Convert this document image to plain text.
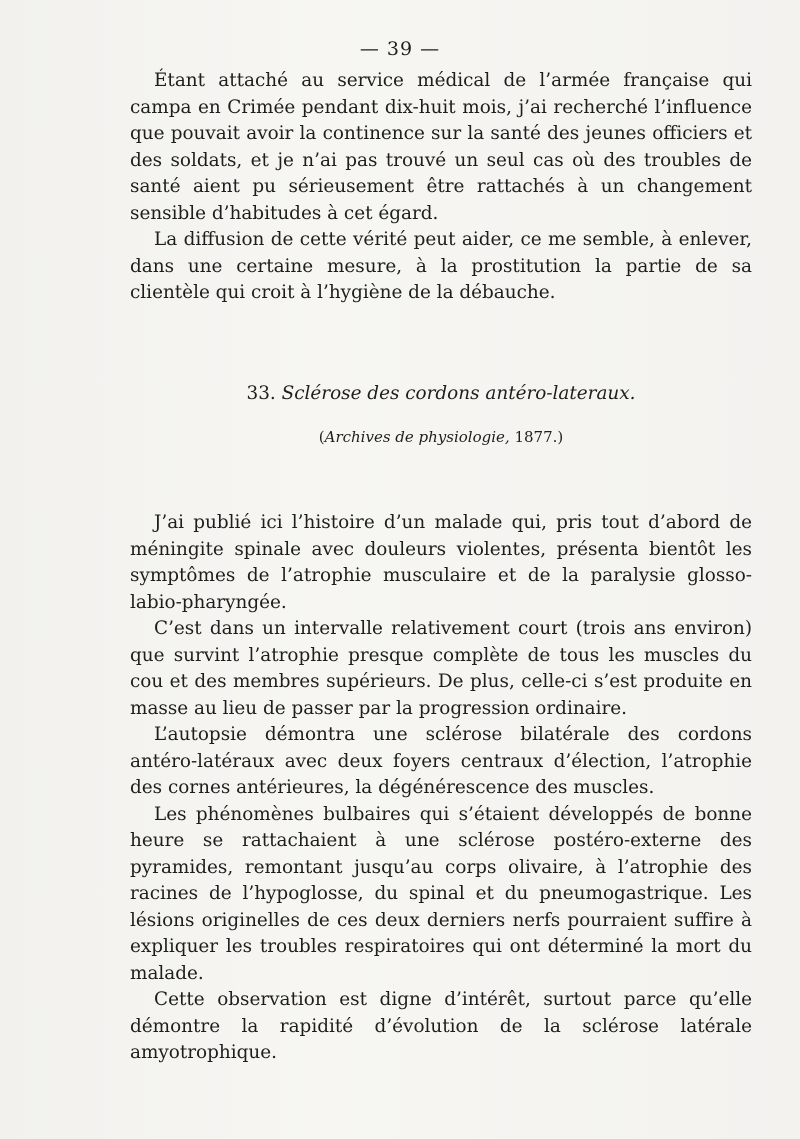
— 39 —

Étant attaché au service médical de l’armée française qui campa en Crimée pendant dix-huit mois, j’ai recherché l’influence que pouvait avoir la continence sur la santé des jeunes officiers et des soldats, et je n’ai pas trouvé un seul cas où des troubles de santé aient pu sérieusement être rattachés à un changement sensible d’habitudes à cet égard.

La diffusion de cette vérité peut aider, ce me semble, à enlever, dans une certaine mesure, à la prostitution la partie de sa clientèle qui croit à l’hygiène de la débauche.

33. Sclérose des cordons antéro-lateraux.
(Archives de physiologie, 1877.)

J’ai publié ici l’histoire d’un malade qui, pris tout d’abord de méningite spinale avec douleurs violentes, présenta bientôt les symptômes de l’atrophie musculaire et de la paralysie glosso-labio-pharyngée.

C’est dans un intervalle relativement court (trois ans environ) que survint l’atrophie presque complète de tous les muscles du cou et des membres supérieurs. De plus, celle-ci s’est produite en masse au lieu de passer par la progression ordinaire.

L’autopsie démontra une sclérose bilatérale des cordons antéro-latéraux avec deux foyers centraux d’élection, l’atrophie des cornes antérieures, la dégénérescence des muscles.

Les phénomènes bulbaires qui s’étaient développés de bonne heure se rattachaient à une sclérose postéro-externe des pyramides, remontant jusqu’au corps olivaire, à l’atrophie des racines de l’hypoglosse, du spinal et du pneumogastrique. Les lésions originelles de ces deux derniers nerfs pourraient suffire à expliquer les troubles respiratoires qui ont déterminé la mort du malade.

Cette observation est digne d’intérêt, surtout parce qu’elle démontre la rapidité d’évolution de la sclérose latérale amyotrophique.
